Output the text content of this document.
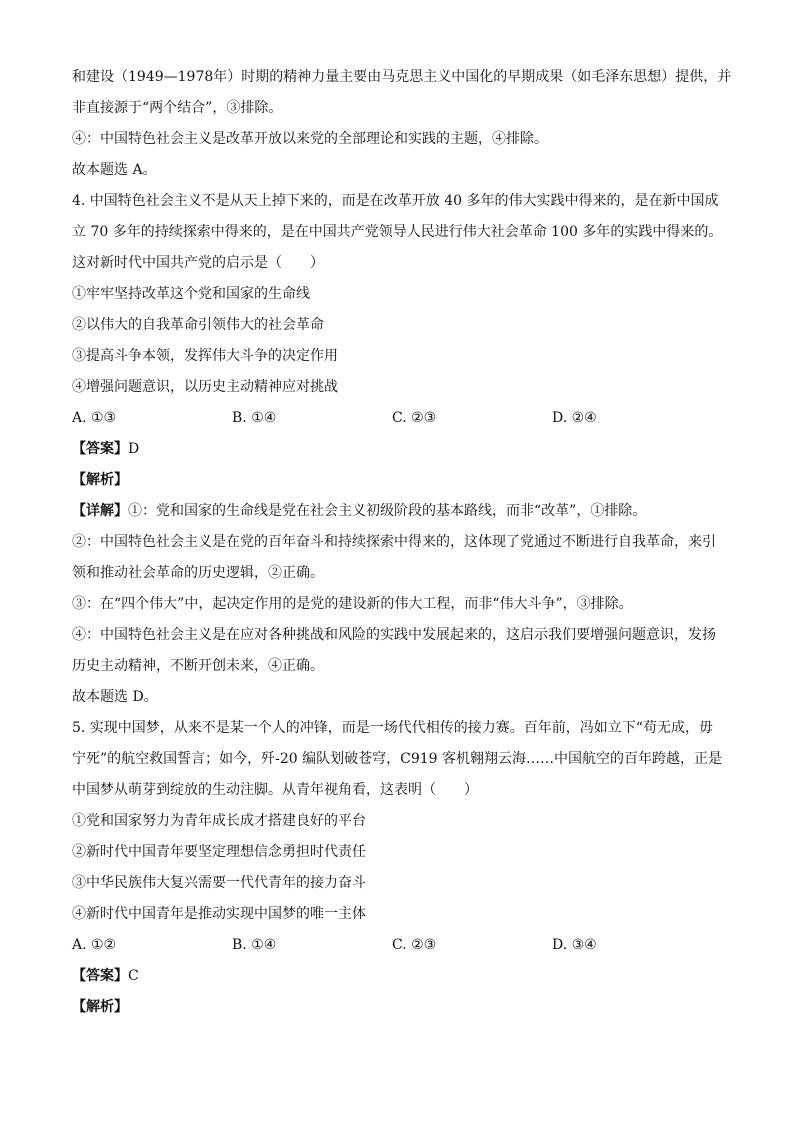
和建设（1949—1978年）时期的精神力量主要由马克思主义中国化的早期成果（如毛泽东思想）提供，并
非直接源于“两个结合”，③排除。
④：中国特色社会主义是改革开放以来党的全部理论和实践的主题，④排除。
故本题选 A。
4. 中国特色社会主义不是从天上掉下来的，而是在改革开放 40 多年的伟大实践中得来的，是在新中国成
立 70 多年的持续探索中得来的，是在中国共产党领导人民进行伟大社会革命 100 多年的实践中得来的。
这对新时代中国共产党的启示是（　　）
①牢牢坚持改革这个党和国家的生命线
②以伟大的自我革命引领伟大的社会革命
③提高斗争本领，发挥伟大斗争的决定作用
④增强问题意识，以历史主动精神应对挑战
A. ①③	B. ①④	C. ②③	D. ②④
【答案】D
【解析】
【详解】①：党和国家的生命线是党在社会主义初级阶段的基本路线，而非“改革”，①排除。
②：中国特色社会主义是在党的百年奋斗和持续探索中得来的，这体现了党通过不断进行自我革命，来引
领和推动社会革命的历史逻辑，②正确。
③：在“四个伟大”中，起决定作用的是党的建设新的伟大工程，而非“伟大斗争”，③排除。
④：中国特色社会主义是在应对各种挑战和风险的实践中发展起来的，这启示我们要增强问题意识，发扬
历史主动精神，不断开创未来，④正确。
故本题选 D。
5. 实现中国梦，从来不是某一个人的冲锋，而是一场代代相传的接力赛。百年前，冯如立下“苟无成，毋
宁死”的航空救国誓言；如今，歼-20 编队划破苍穹，C919 客机翱翔云海……中国航空的百年跨越，正是
中国梦从萌芽到绽放的生动注脚。从青年视角看，这表明（　　）
①党和国家努力为青年成长成才搭建良好的平台
②新时代中国青年要坚定理想信念勇担时代责任
③中华民族伟大复兴需要一代代青年的接力奋斗
④新时代中国青年是推动实现中国梦的唯一主体
A. ①②	B. ①④	C. ②③	D. ③④
【答案】C
【解析】
